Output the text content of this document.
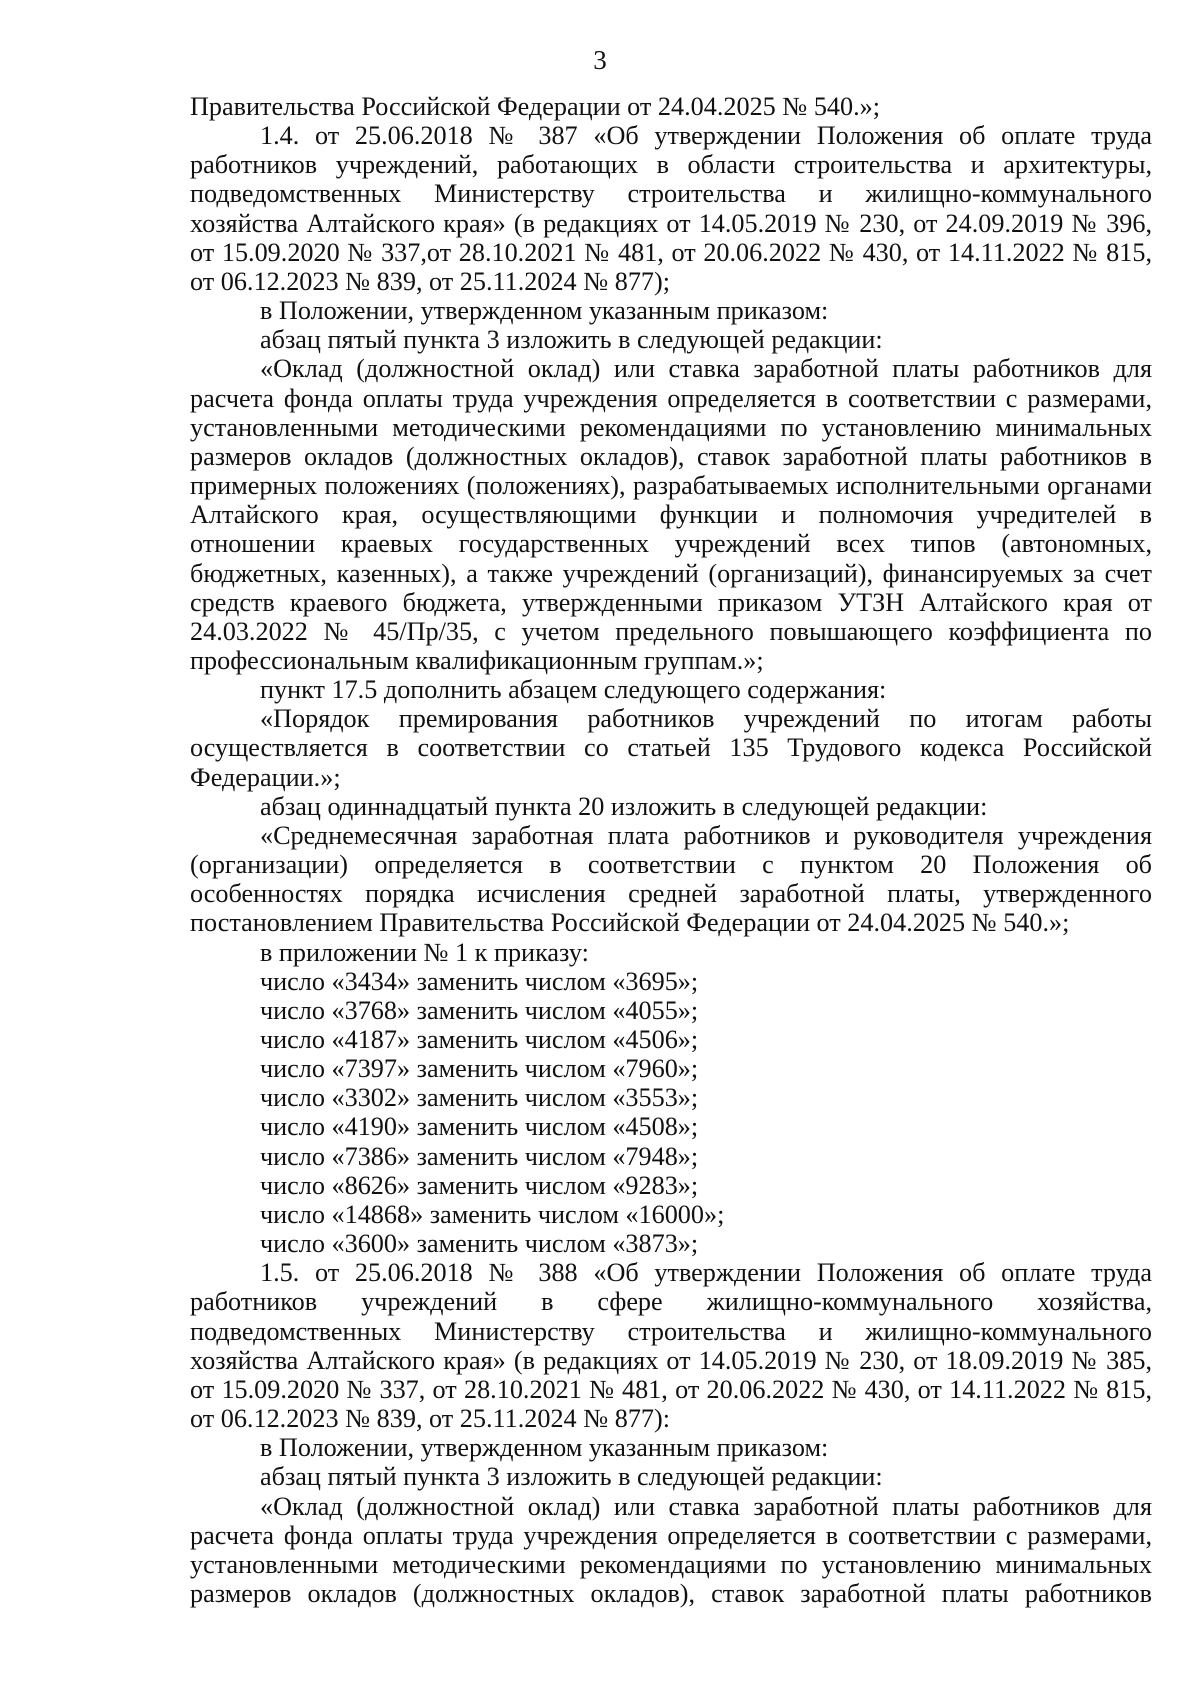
3

Правительства Российской Федерации от 24.04.2025 № 540.»;

1.4. от 25.06.2018 № 387 «Об утверждении Положения об оплате труда работников учреждений, работающих в области строительства и архитектуры, подведомственных Министерству строительства и жилищно-коммунального хозяйства Алтайского края» (в редакциях от 14.05.2019 № 230, от 24.09.2019 № 396, от 15.09.2020 № 337,от 28.10.2021 № 481, от 20.06.2022 № 430, от 14.11.2022 № 815, от 06.12.2023 № 839, от 25.11.2024 № 877);

в Положении, утвержденном указанным приказом:

абзац пятый пункта 3 изложить в следующей редакции:

«Оклад (должностной оклад) или ставка заработной платы работников для расчета фонда оплаты труда учреждения определяется в соответствии с размерами, установленными методическими рекомендациями по установлению минимальных размеров окладов (должностных окладов), ставок заработной платы работников в примерных положениях (положениях), разрабатываемых исполнительными органами Алтайского края, осуществляющими функции и полномочия учредителей в отношении краевых государственных учреждений всех типов (автономных, бюджетных, казенных), а также учреждений (организаций), финансируемых за счет средств краевого бюджета, утвержденными приказом УТЗН Алтайского края от 24.03.2022 № 45/Пр/35, с учетом предельного повышающего коэффициента по профессиональным квалификационным группам.»;

пункт 17.5 дополнить абзацем следующего содержания:

«Порядок премирования работников учреждений по итогам работы осуществляется в соответствии со статьей 135 Трудового кодекса Российской Федерации.»;

абзац одиннадцатый пункта 20 изложить в следующей редакции:

«Среднемесячная заработная плата работников и руководителя учреждения (организации) определяется в соответствии с пунктом 20 Положения об особенностях порядка исчисления средней заработной платы, утвержденного постановлением Правительства Российской Федерации от 24.04.2025 № 540.»;

в приложении № 1 к приказу:

число «3434» заменить числом «3695»;

число «3768» заменить числом «4055»;

число «4187» заменить числом «4506»;

число «7397» заменить числом «7960»;

число «3302» заменить числом «3553»;

число «4190» заменить числом «4508»;

число «7386» заменить числом «7948»;

число «8626» заменить числом «9283»;

число «14868» заменить числом «16000»;

число «3600» заменить числом «3873»;

1.5. от 25.06.2018 № 388 «Об утверждении Положения об оплате труда работников учреждений в сфере жилищно-коммунального хозяйства, подведомственных Министерству строительства и жилищно-коммунального хозяйства Алтайского края» (в редакциях от 14.05.2019 № 230, от 18.09.2019 № 385, от 15.09.2020 № 337, от 28.10.2021 № 481, от 20.06.2022 № 430, от 14.11.2022 № 815, от 06.12.2023 № 839, от 25.11.2024 № 877):

в Положении, утвержденном указанным приказом:

абзац пятый пункта 3 изложить в следующей редакции:

«Оклад (должностной оклад) или ставка заработной платы работников для расчета фонда оплаты труда учреждения определяется в соответствии с размерами, установленными методическими рекомендациями по установлению минимальных размеров окладов (должностных окладов), ставок заработной платы работников
